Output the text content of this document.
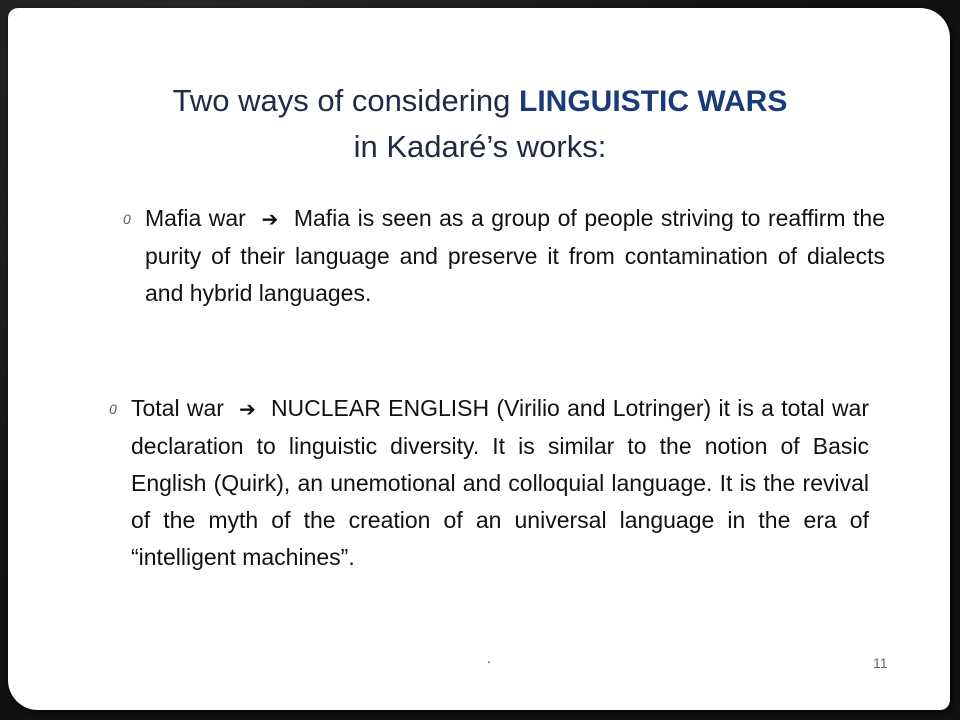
Two ways of considering LINGUISTIC WARS
in Kadaré’s works:
0 Mafia war  ➔  Mafia is seen as a group of people striving to reaffirm the purity of their language and preserve it from contamination of dialects and hybrid languages.
0 Total war  ➔  NUCLEAR ENGLISH (Virilio and Lotringer) it is a total war declaration to linguistic diversity. It is similar to the notion of Basic English (Quirk), an unemotional and colloquial language. It is the revival of the myth of the creation of an universal language in the era of “intelligent machines”.
.	11
